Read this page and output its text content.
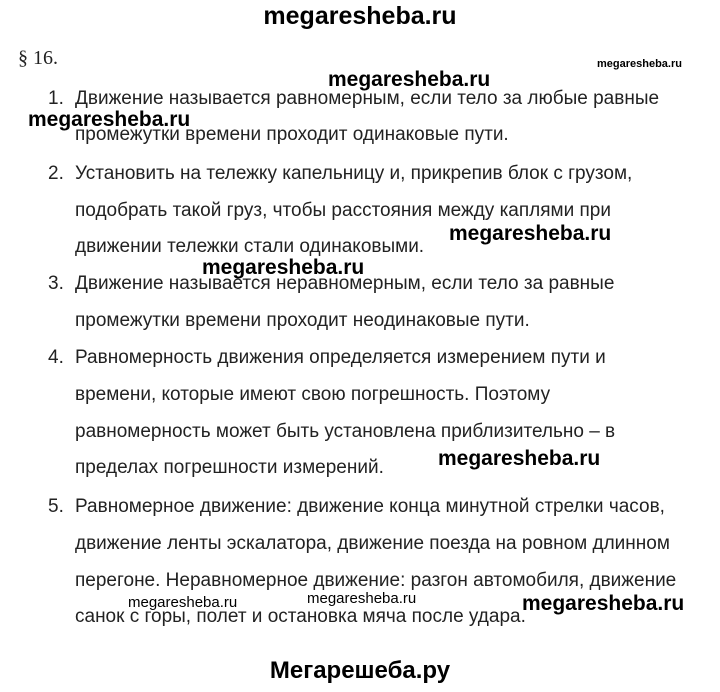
megaresheba.ru
§ 16.
1. Движение называется равномерным, если тело за любые равные
промежутки времени проходит одинаковые пути.
2. Установить на тележку капельницу и, прикрепив блок с грузом,
подобрать такой груз, чтобы расстояния между каплями при
движении тележки стали одинаковыми.
3. Движение называется неравномерным, если тело за равные
промежутки времени проходит неодинаковые пути.
4. Равномерность движения определяется измерением пути и
времени, которые имеют свою погрешность. Поэтому
равномерность может быть установлена приблизительно – в
пределах погрешности измерений.
5. Равномерное движение: движение конца минутной стрелки часов,
движение ленты эскалатора, движение поезда на ровном длинном
перегоне. Неравномерное движение: разгон автомобиля, движение
санок с горы, полет и остановка мяча после удара.
megaresheba.ru
megaresheba.ru
megaresheba.ru
megaresheba.ru
megaresheba.ru
megaresheba.ru
megaresheba.ru	megaresheba.ru	megaresheba.ru
Мегарешеба.ру
